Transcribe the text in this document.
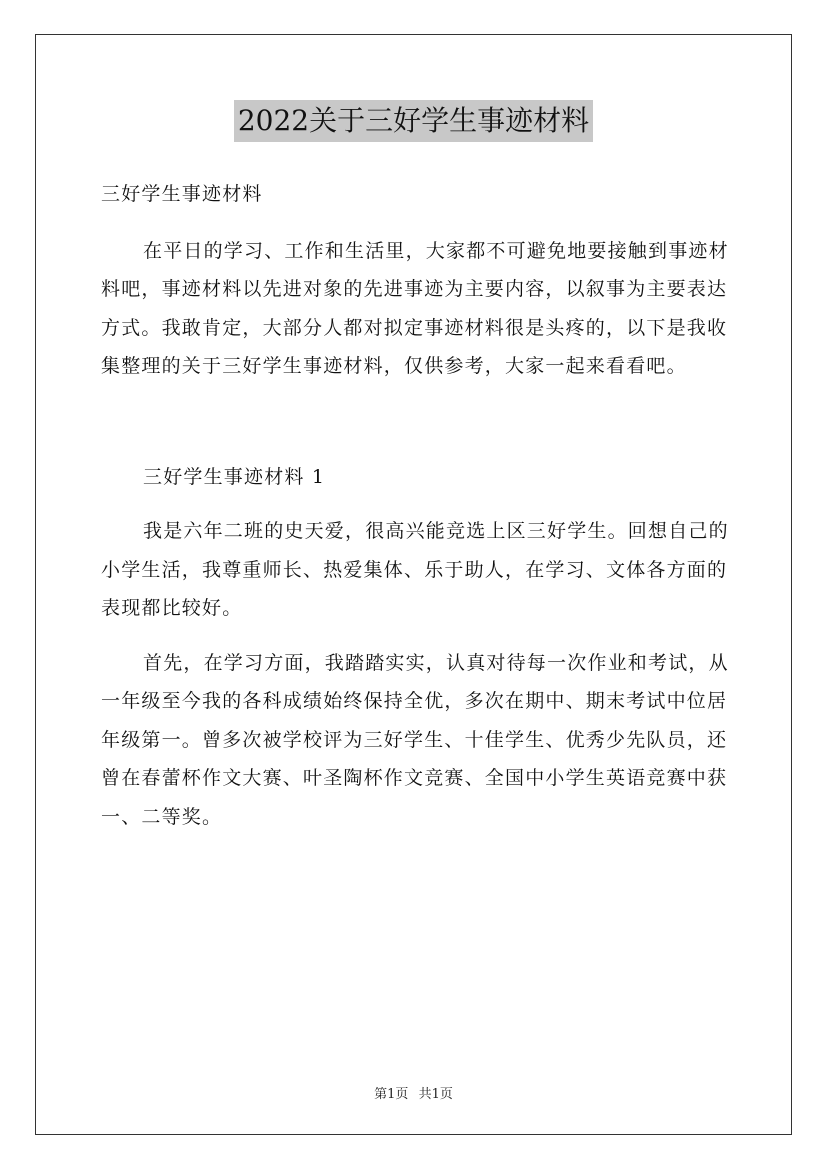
2022关于三好学生事迹材料

三好学生事迹材料

在平日的学习、工作和生活里，大家都不可避免地要接触到事迹材料吧，事迹材料以先进对象的先进事迹为主要内容，以叙事为主要表达方式。我敢肯定，大部分人都对拟定事迹材料很是头疼的，以下是我收集整理的关于三好学生事迹材料，仅供参考，大家一起来看看吧。

三好学生事迹材料 1

我是六年二班的史天爱，很高兴能竞选上区三好学生。回想自己的小学生活，我尊重师长、热爱集体、乐于助人，在学习、文体各方面的表现都比较好。

首先，在学习方面，我踏踏实实，认真对待每一次作业和考试，从一年级至今我的各科成绩始终保持全优，多次在期中、期末考试中位居年级第一。曾多次被学校评为三好学生、十佳学生、优秀少先队员，还曾在春蕾杯作文大赛、叶圣陶杯作文竞赛、全国中小学生英语竞赛中获一、二等奖。

第1页 共1页
